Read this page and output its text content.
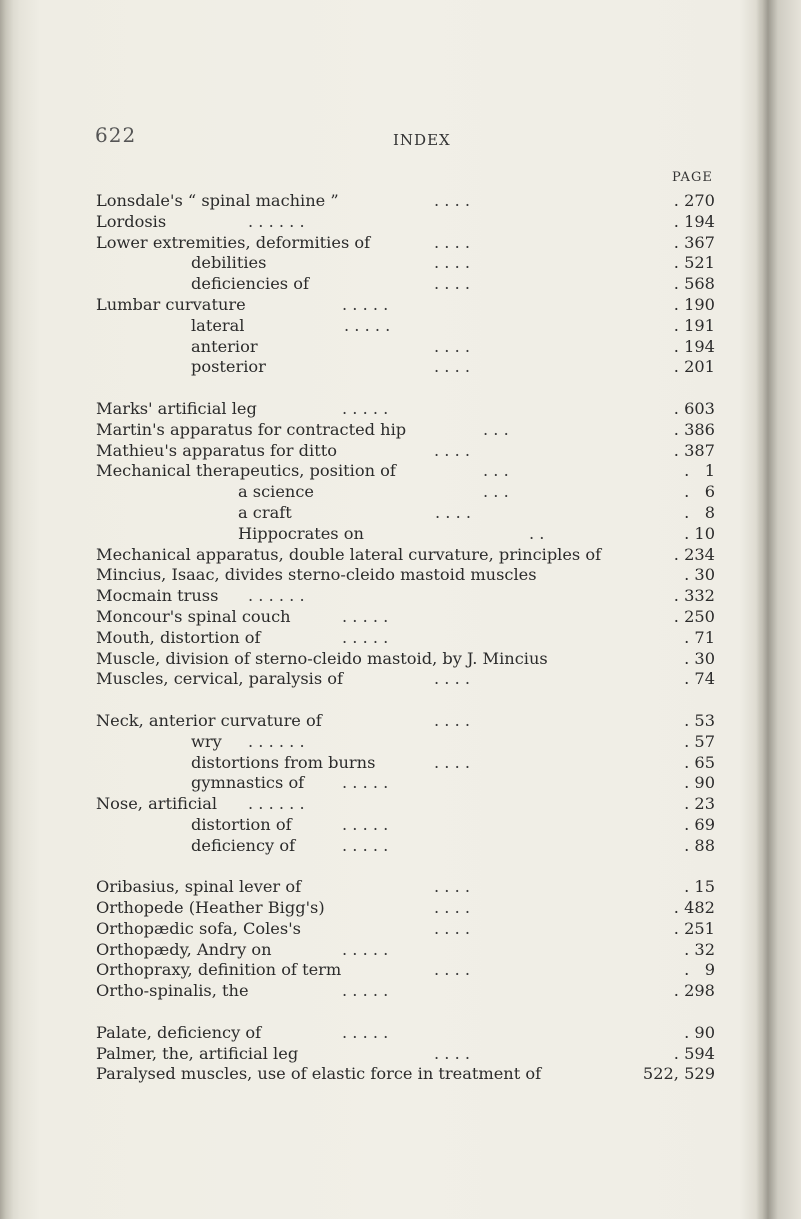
622	INDEX
PAGE
Lonsdale's “ spinal machine ”	. . . .	. 270
Lordosis	. . . . . .	. 194
Lower extremities, deformities of	. . . .	. 367
debilities	. . . .	. 521
deficiencies of	. . . .	. 568
Lumbar curvature	. . . . .	. 190
lateral	. . . . .	. 191
anterior	. . . .	. 194
posterior	. . . .	. 201
Marks' artificial leg	. . . . .	. 603
Martin's apparatus for contracted hip	. . .	. 386
Mathieu's apparatus for ditto	. . . .	. 387
Mechanical therapeutics, position of	. . .	.   1
a science	. . .	.   6
a craft	. . . .	.   8
Hippocrates on	. .	. 10
Mechanical apparatus, double lateral curvature, principles of	. 234
Mincius, Isaac, divides sterno-cleido mastoid muscles	. 30
Mocmain truss . . . . . .	. 332
Moncour's spinal couch	. . . . .	. 250
Mouth, distortion of	. . . . .	. 71
Muscle, division of sterno-cleido mastoid, by J. Mincius	. 30
Muscles, cervical, paralysis of	. . . .	. 74
Neck, anterior curvature of	. . . .	. 53
wry . . . . . .	. 57
distortions from burns	. . . .	. 65
gymnastics of . . . . .	. 90
Nose, artificial . . . . . .	. 23
distortion of	. . . . .	. 69
deficiency of	. . . . .	. 88
Oribasius, spinal lever of	. . . .	. 15
Orthopede (Heather Bigg's)	. . . .	. 482
Orthopædic sofa, Coles's	. . . .	. 251
Orthopædy, Andry on	. . . . .	. 32
Orthopraxy, definition of term	. . . .	.   9
Ortho-spinalis, the	. . . . .	. 298
Palate, deficiency of	. . . . .	. 90
Palmer, the, artificial leg	. . . .	. 594
Paralysed muscles, use of elastic force in treatment of	522, 529
